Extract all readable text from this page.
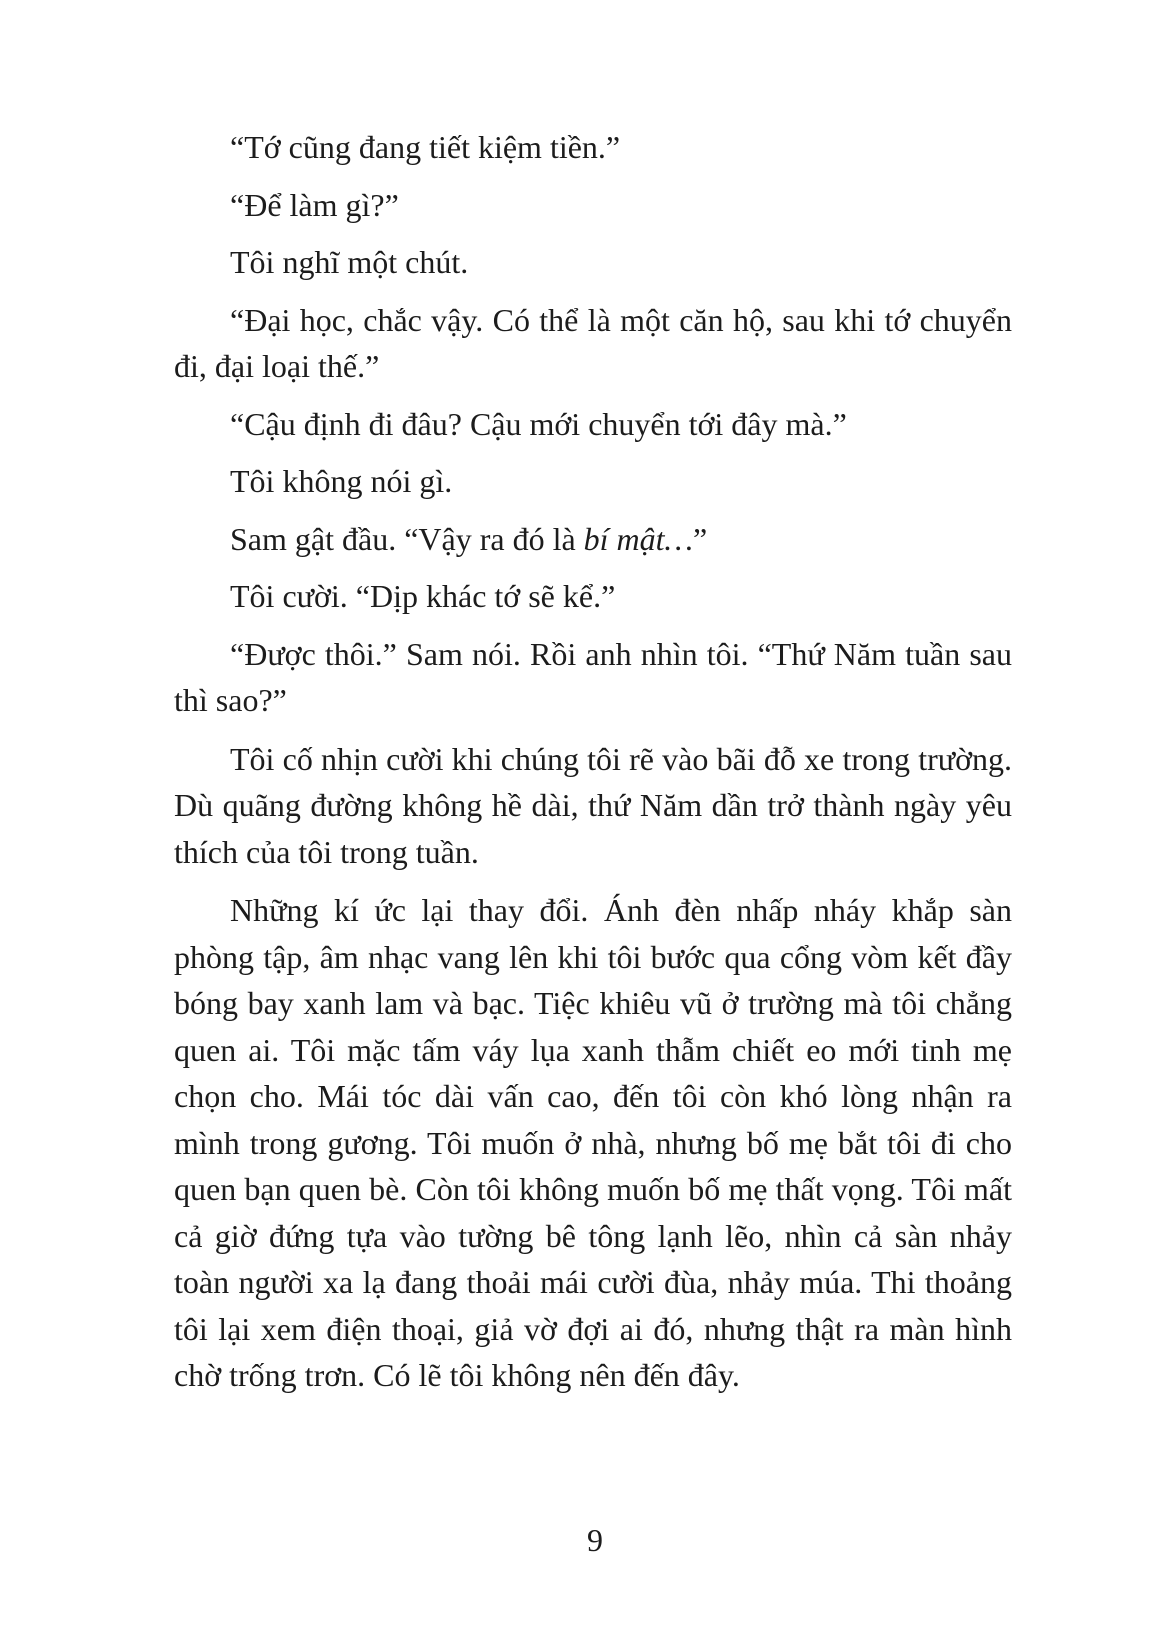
“Tớ cũng đang tiết kiệm tiền.”

“Để làm gì?”

Tôi nghĩ một chút.

“Đại học, chắc vậy. Có thể là một căn hộ, sau khi tớ chuyển đi, đại loại thế.”

“Cậu định đi đâu? Cậu mới chuyển tới đây mà.”

Tôi không nói gì.

Sam gật đầu. “Vậy ra đó là bí mật…”

Tôi cười. “Dịp khác tớ sẽ kể.”

“Được thôi.” Sam nói. Rồi anh nhìn tôi. “Thứ Năm tuần sau thì sao?”

Tôi cố nhịn cười khi chúng tôi rẽ vào bãi đỗ xe trong trường. Dù quãng đường không hề dài, thứ Năm dần trở thành ngày yêu thích của tôi trong tuần.

Những kí ức lại thay đổi. Ánh đèn nhấp nháy khắp sàn phòng tập, âm nhạc vang lên khi tôi bước qua cổng vòm kết đầy bóng bay xanh lam và bạc. Tiệc khiêu vũ ở trường mà tôi chẳng quen ai. Tôi mặc tấm váy lụa xanh thẫm chiết eo mới tinh mẹ chọn cho. Mái tóc dài vấn cao, đến tôi còn khó lòng nhận ra mình trong gương. Tôi muốn ở nhà, nhưng bố mẹ bắt tôi đi cho quen bạn quen bè. Còn tôi không muốn bố mẹ thất vọng. Tôi mất cả giờ đứng tựa vào tường bê tông lạnh lẽo, nhìn cả sàn nhảy toàn người xa lạ đang thoải mái cười đùa, nhảy múa. Thi thoảng tôi lại xem điện thoại, giả vờ đợi ai đó, nhưng thật ra màn hình chờ trống trơn. Có lẽ tôi không nên đến đây.

9
